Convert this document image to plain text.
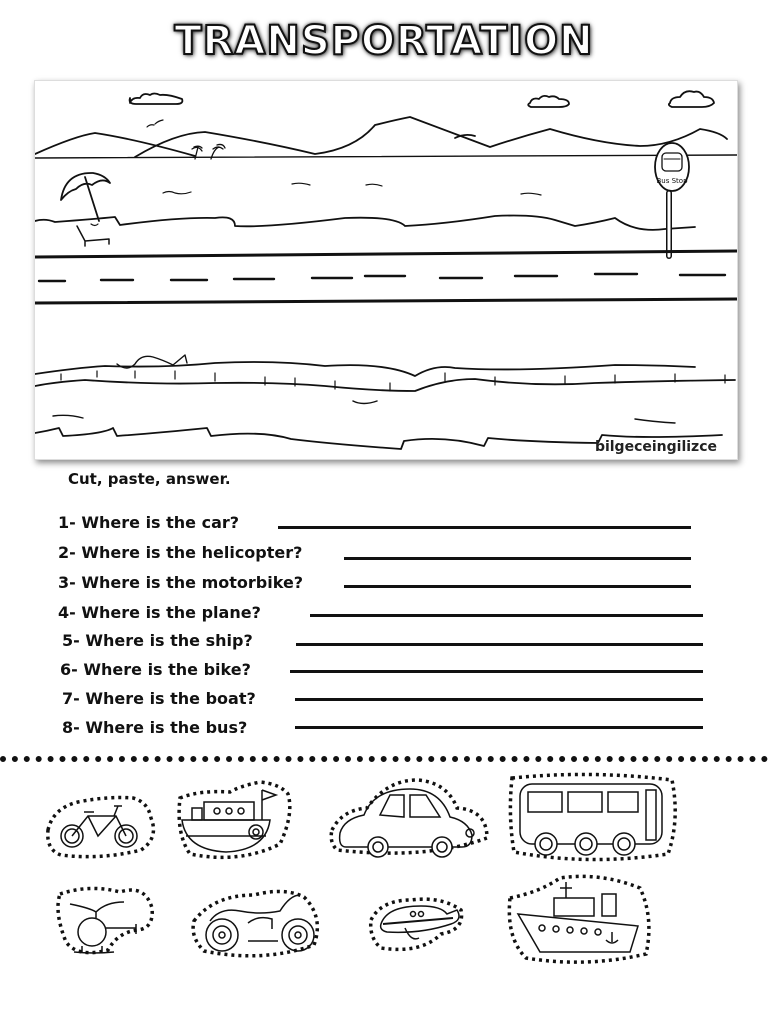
TRANSPORTATION
Bus Stop
bilgeceingilizce
Cut, paste, answer.
1- Where is the car?
2- Where is the helicopter?
3- Where is the motorbike?
4- Where is the plane?
5- Where is the ship?
6- Where is the bike?
7- Where is the boat?
8- Where is the bus?
